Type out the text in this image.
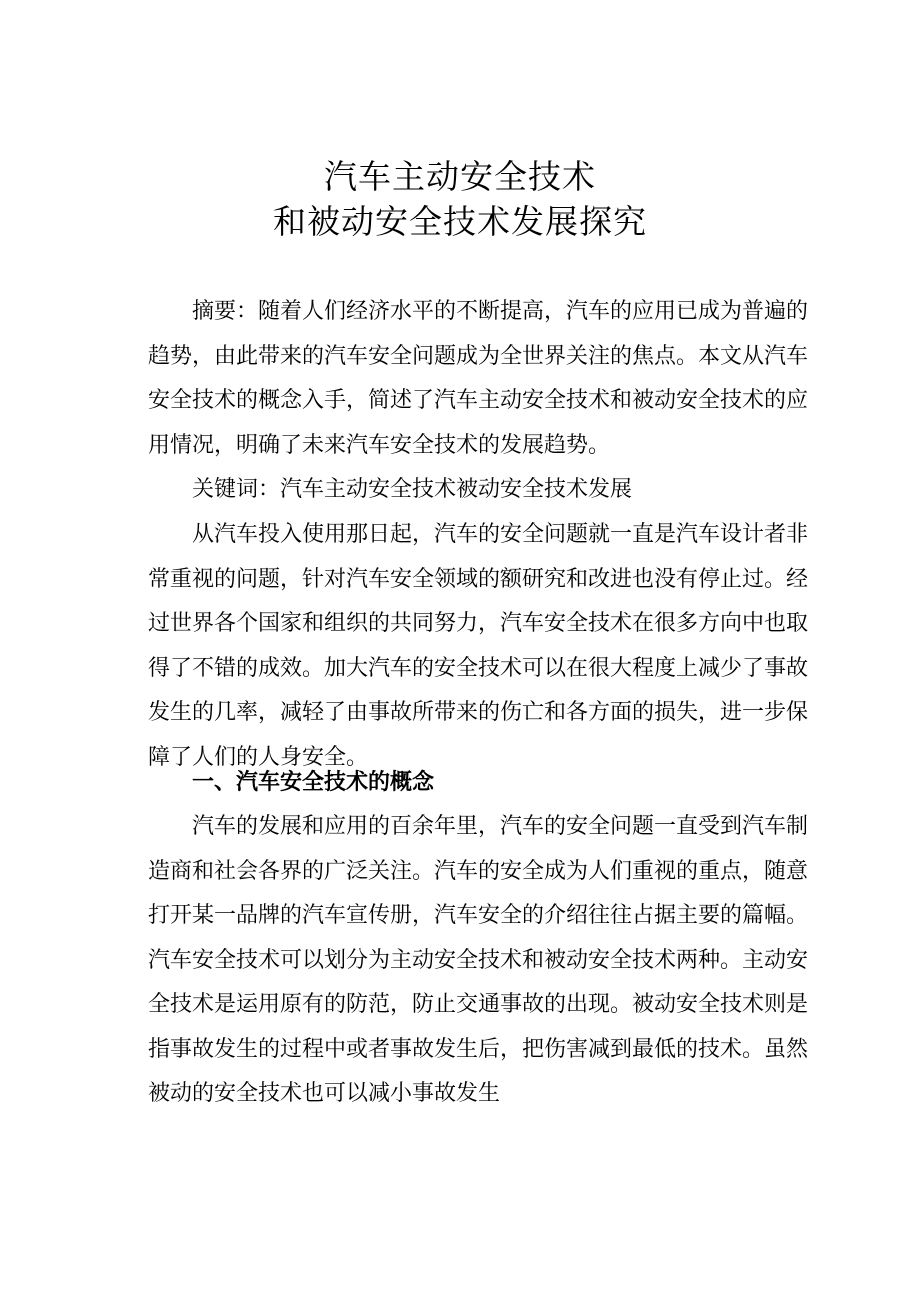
汽车主动安全技术
和被动安全技术发展探究

摘要：随着人们经济水平的不断提高，汽车的应用已成为普遍的趋势，由此带来的汽车安全问题成为全世界关注的焦点。本文从汽车安全技术的概念入手，简述了汽车主动安全技术和被动安全技术的应用情况，明确了未来汽车安全技术的发展趋势。

关键词：汽车主动安全技术被动安全技术发展

从汽车投入使用那日起，汽车的安全问题就一直是汽车设计者非常重视的问题，针对汽车安全领域的额研究和改进也没有停止过。经过世界各个国家和组织的共同努力，汽车安全技术在很多方向中也取得了不错的成效。加大汽车的安全技术可以在很大程度上减少了事故发生的几率，减轻了由事故所带来的伤亡和各方面的损失，进一步保障了人们的人身安全。

一、汽车安全技术的概念

汽车的发展和应用的百余年里，汽车的安全问题一直受到汽车制造商和社会各界的广泛关注。汽车的安全成为人们重视的重点，随意打开某一品牌的汽车宣传册，汽车安全的介绍往往占据主要的篇幅。汽车安全技术可以划分为主动安全技术和被动安全技术两种。主动安全技术是运用原有的防范，防止交通事故的出现。被动安全技术则是指事故发生的过程中或者事故发生后，把伤害减到最低的技术。虽然被动的安全技术也可以减小事故发生
